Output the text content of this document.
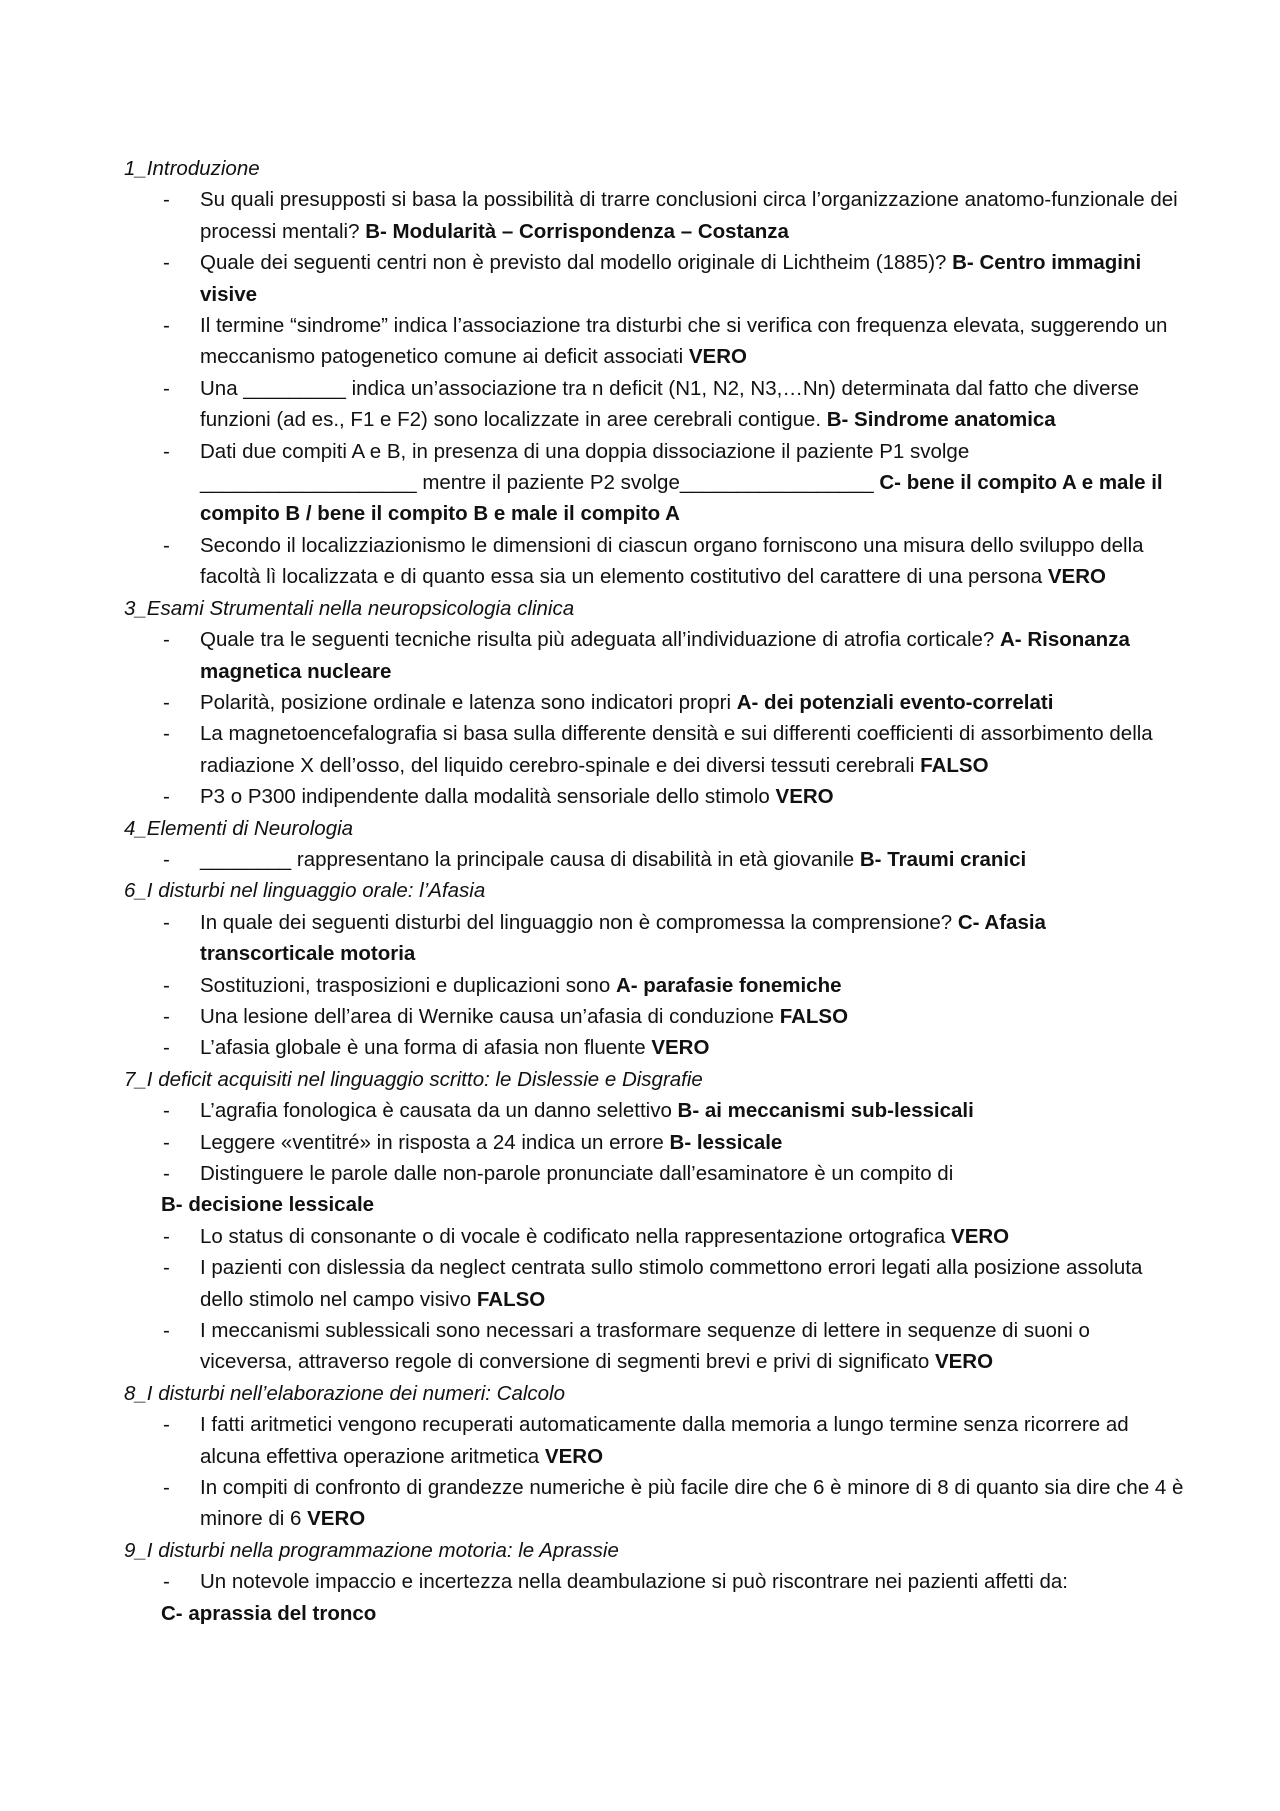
1_Introduzione

- Su quali presupposti si basa la possibilità di trarre conclusioni circa l’organizzazione anatomo-funzionale dei processi mentali? B- Modularità – Corrispondenza – Costanza
- Quale dei seguenti centri non è previsto dal modello originale di Lichtheim (1885)? B- Centro immagini visive
- Il termine “sindrome” indica l’associazione tra disturbi che si verifica con frequenza elevata, suggerendo un meccanismo patogenetico comune ai deficit associati VERO
- Una _________ indica un’associazione tra n deficit (N1, N2, N3,…Nn) determinata dal fatto che diverse funzioni (ad es., F1 e F2) sono localizzate in aree cerebrali contigue. B- Sindrome anatomica
- Dati due compiti A e B, in presenza di una doppia dissociazione il paziente P1 svolge ___________________ mentre il paziente P2 svolge_________________ C- bene il compito A e male il compito B / bene il compito B e male il compito A
- Secondo il localizziazionismo le dimensioni di ciascun organo forniscono una misura dello sviluppo della facoltà lì localizzata e di quanto essa sia un elemento costitutivo del carattere di una persona VERO

3_Esami Strumentali nella neuropsicologia clinica

- Quale tra le seguenti tecniche risulta più adeguata all’individuazione di atrofia corticale? A- Risonanza magnetica nucleare
- Polarità, posizione ordinale e latenza sono indicatori propri A- dei potenziali evento-correlati
- La magnetoencefalografia si basa sulla differente densità e sui differenti coefficienti di assorbimento della radiazione X dell’osso, del liquido cerebro-spinale e dei diversi tessuti cerebrali FALSO
- P3 o P300 indipendente dalla modalità sensoriale dello stimolo VERO

4_Elementi di Neurologia

- ________ rappresentano la principale causa di disabilità in età giovanile B- Traumi cranici

6_I disturbi nel linguaggio orale: l’Afasia

- In quale dei seguenti disturbi del linguaggio non è compromessa la comprensione? C- Afasia transcorticale motoria
- Sostituzioni, trasposizioni e duplicazioni sono A- parafasie fonemiche
- Una lesione dell’area di Wernike causa un’afasia di conduzione FALSO
- L’afasia globale è una forma di afasia non fluente VERO

7_I deficit acquisiti nel linguaggio scritto: le Dislessie e Disgrafie

- L’agrafia fonologica è causata da un danno selettivo B- ai meccanismi sub-lessicali
- Leggere «ventitré» in risposta a 24 indica un errore B- lessicale
- Distinguere le parole dalle non-parole pronunciate dall’esaminatore è un compito di
B- decisione lessicale
- Lo status di consonante o di vocale è codificato nella rappresentazione ortografica VERO
- I pazienti con dislessia da neglect centrata sullo stimolo commettono errori legati alla posizione assoluta dello stimolo nel campo visivo FALSO
- I meccanismi sublessicali sono necessari a trasformare sequenze di lettere in sequenze di suoni o viceversa, attraverso regole di conversione di segmenti brevi e privi di significato VERO

8_I disturbi nell’elaborazione dei numeri: Calcolo

- I fatti aritmetici vengono recuperati automaticamente dalla memoria a lungo termine senza ricorrere ad alcuna effettiva operazione aritmetica VERO
- In compiti di confronto di grandezze numeriche è più facile dire che 6 è minore di 8 di quanto sia dire che 4 è minore di 6 VERO

9_I disturbi nella programmazione motoria: le Aprassie

- Un notevole impaccio e incertezza nella deambulazione si può riscontrare nei pazienti affetti da:
C- aprassia del tronco
